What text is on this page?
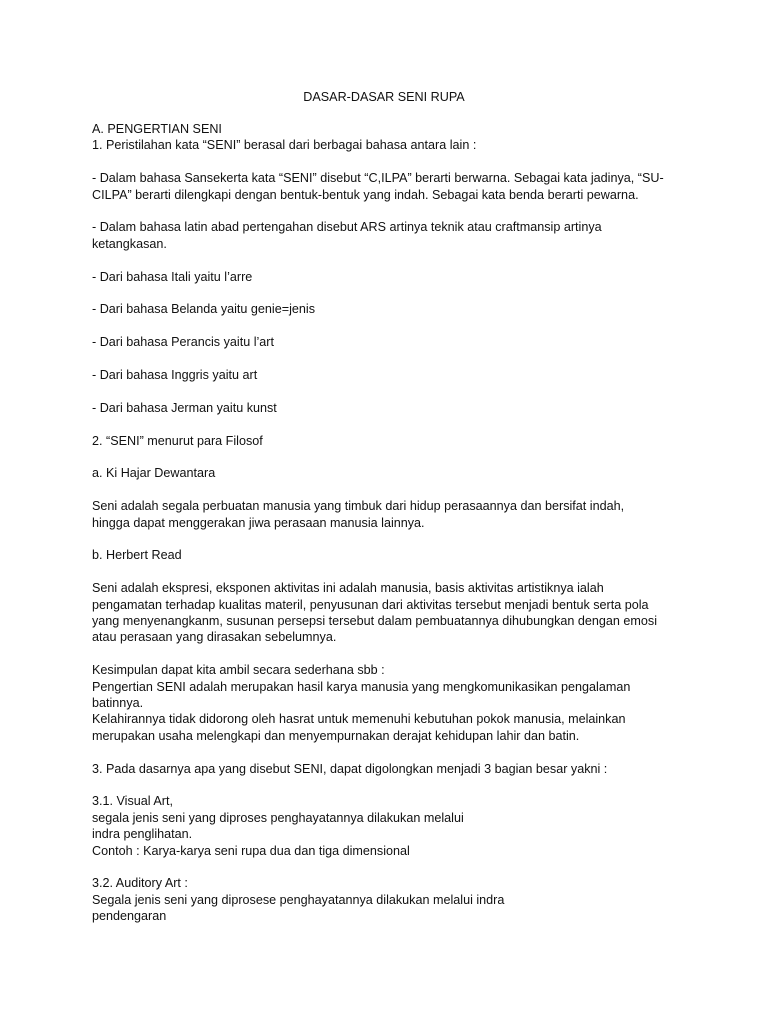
DASAR-DASAR SENI RUPA

A. PENGERTIAN SENI

1. Peristilahan kata “SENI” berasal dari berbagai bahasa antara lain :

- Dalam bahasa Sansekerta kata “SENI” disebut “C,ILPA” berarti berwarna. Sebagai kata jadinya, “SU-
CILPA” berarti dilengkapi dengan bentuk-bentuk yang indah. Sebagai kata benda berarti pewarna.

- Dalam bahasa latin abad pertengahan disebut ARS artinya teknik atau craftmansip artinya
ketangkasan.

- Dari bahasa Itali yaitu l’arre

- Dari bahasa Belanda yaitu genie=jenis

- Dari bahasa Perancis yaitu l’art

- Dari bahasa Inggris yaitu art

- Dari bahasa Jerman yaitu kunst

2. “SENI” menurut para Filosof

a. Ki Hajar Dewantara

Seni adalah segala perbuatan manusia yang timbuk dari hidup perasaannya dan bersifat indah,
hingga dapat menggerakan jiwa perasaan manusia lainnya.

b. Herbert Read

Seni adalah ekspresi, eksponen aktivitas ini adalah manusia, basis aktivitas artistiknya ialah
pengamatan terhadap kualitas materil, penyusunan dari aktivitas tersebut menjadi bentuk serta pola
yang menyenangkanm, susunan persepsi tersebut dalam pembuatannya dihubungkan dengan emosi
atau perasaan yang dirasakan sebelumnya.

Kesimpulan dapat kita ambil secara sederhana sbb :
Pengertian SENI adalah merupakan hasil karya manusia yang mengkomunikasikan pengalaman
batinnya.
Kelahirannya tidak didorong oleh hasrat untuk memenuhi kebutuhan pokok manusia, melainkan
merupakan usaha melengkapi dan menyempurnakan derajat kehidupan lahir dan batin.

3. Pada dasarnya apa yang disebut SENI, dapat digolongkan menjadi 3 bagian besar yakni :

3.1. Visual Art,
segala jenis seni yang diproses penghayatannya dilakukan melalui
indra penglihatan.
Contoh : Karya-karya seni rupa dua dan tiga dimensional

3.2. Auditory Art :
Segala jenis seni yang diprosese penghayatannya dilakukan melalui indra
pendengaran
